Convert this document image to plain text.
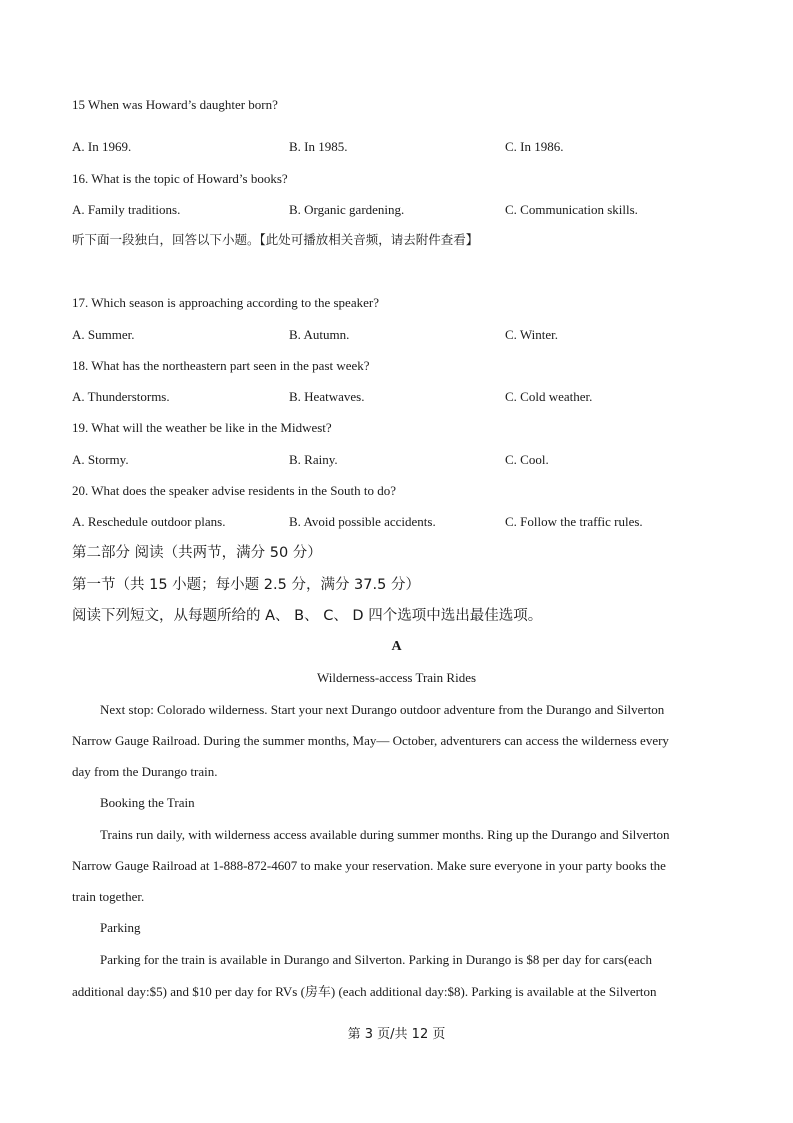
15 When was Howard’s daughter born?
A. In 1969.	B. In 1985.	C. In 1986.
16. What is the topic of Howard’s books?
A. Family traditions.	B. Organic gardening.	C. Communication skills.
听下面一段独白，回答以下小题。【此处可播放相关音频，请去附件查看】
17. Which season is approaching according to the speaker?
A. Summer.	B. Autumn.	C. Winter.
18. What has the northeastern part seen in the past week?
A. Thunderstorms.	B. Heatwaves.	C. Cold weather.
19. What will the weather be like in the Midwest?
A. Stormy.	B. Rainy.	C. Cool.
20. What does the speaker advise residents in the South to do?
A. Reschedule outdoor plans.	B. Avoid possible accidents.	C. Follow the traffic rules.
第二部分 阅读（共两节，满分 50 分）
第一节（共 15 小题；每小题 2.5 分，满分 37.5 分）
阅读下列短文，从每题所给的 A、 B、 C、 D 四个选项中选出最佳选项。
A
Wilderness-access Train Rides
Next stop: Colorado wilderness. Start your next Durango outdoor adventure from the Durango and Silverton
Narrow Gauge Railroad. During the summer months, May— October, adventurers can access the wilderness every
day from the Durango train.
Booking the Train
Trains run daily, with wilderness access available during summer months. Ring up the Durango and Silverton
Narrow Gauge Railroad at 1-888-872-4607 to make your reservation. Make sure everyone in your party books the
train together.
Parking
Parking for the train is available in Durango and Silverton. Parking in Durango is $8 per day for cars(each
additional day:$5) and $10 per day for RVs (房车) (each additional day:$8). Parking is available at the Silverton
第 3 页/共 12 页
